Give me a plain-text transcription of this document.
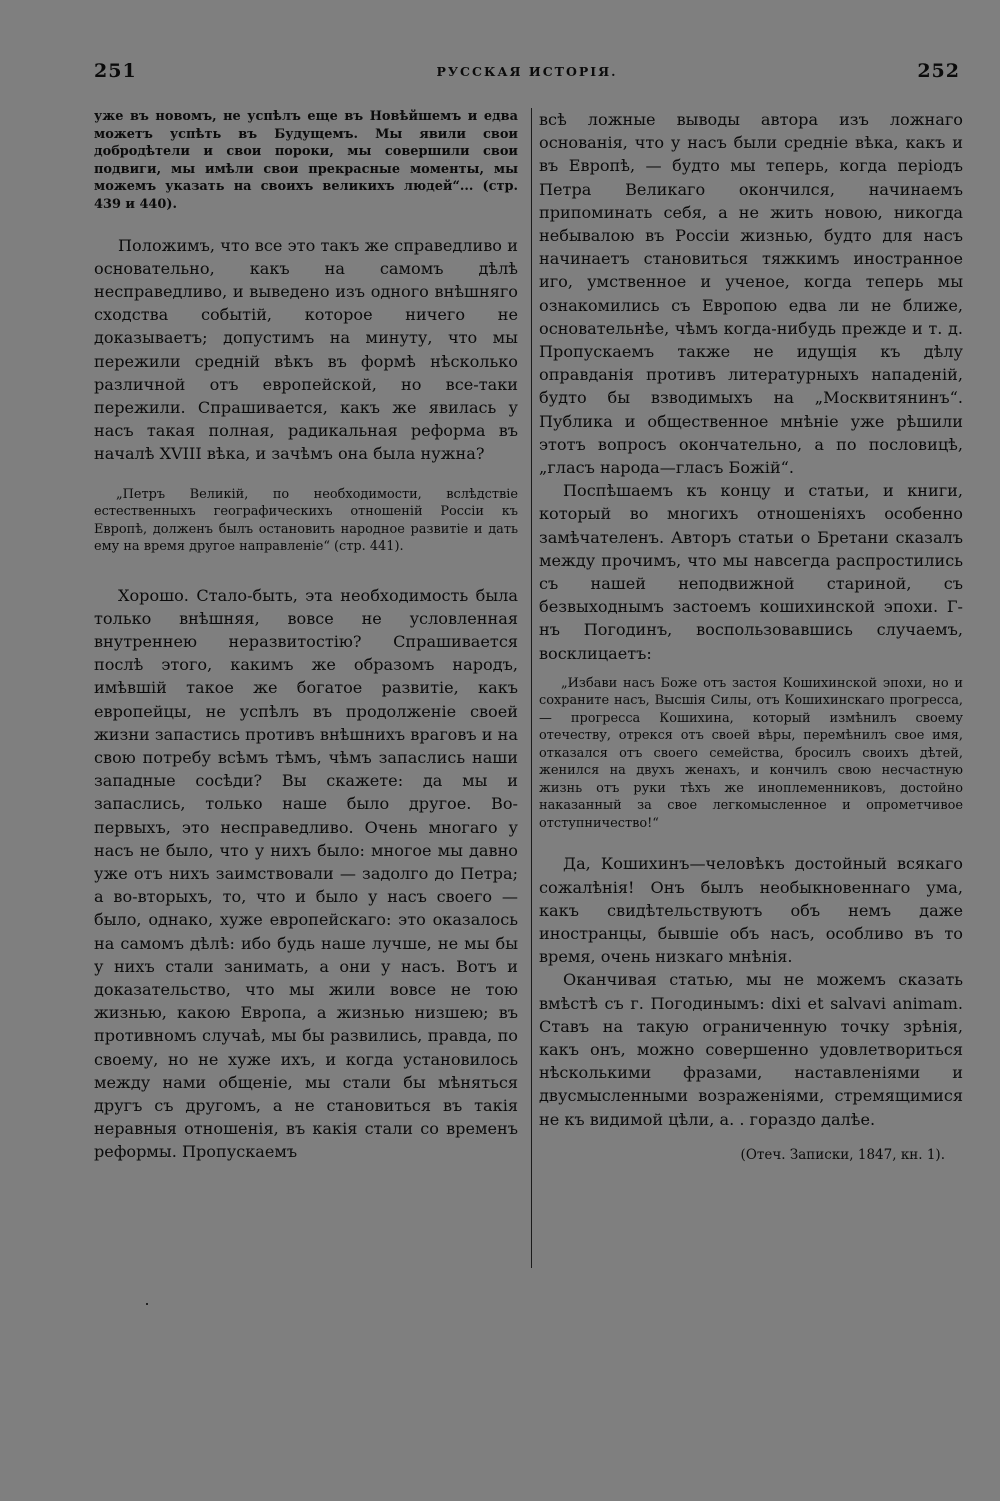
251	РУССКАЯ ИСТОРIЯ.	252

уже въ новомъ, не успѣлъ еще въ Новѣйшемъ и едва можетъ успѣть въ Будущемъ. Мы явили свои добродѣтели и свои пороки, мы совершили свои подвиги, мы имѣли свои прекрасные моменты, мы можемъ указать на своихъ великихъ людей“... (стр. 439 и 440).

Положимъ, что все это такъ же справедливо и основательно, какъ на самомъ дѣлѣ несправедливо, и выведено изъ одного внѣшняго сходства событiй, которое ничего не доказываетъ; допустимъ на минуту, что мы пережили среднiй вѣкъ въ формѣ нѣсколько различной отъ европейской, но все-таки пережили. Спрашивается, какъ же явилась у насъ такая полная, радикальная реформа въ началѣ XVIII вѣка, и зачѣмъ она была нужна?

„Петръ Великiй, по необходимости, вслѣдствiе естественныхъ географическихъ отношенiй Россiи къ Европѣ, долженъ былъ остановить народное развитiе и дать ему на время другое направленiе“ (стр. 441).

Хорошо. Стало-быть, эта необходимость была только внѣшняя, вовсе не условленная внутреннею неразвитостiю? Спрашивается послѣ этого, какимъ же образомъ народъ, имѣвшiй такое же богатое развитiе, какъ европейцы, не успѣлъ въ продолженiе своей жизни запастись противъ внѣшнихъ враговъ и на свою потребу всѣмъ тѣмъ, чѣмъ запаслись наши западные сосѣди? Вы скажете: да мы и запаслись, только наше было другое. Во-первыхъ, это несправедливо. Очень многаго у насъ не было, что у нихъ было: многое мы давно уже отъ нихъ заимствовали — задолго до Петра; а во-вторыхъ, то, что и было у насъ своего — было, однако, хуже европейскаго: это оказалось на самомъ дѣлѣ: ибо будь наше лучше, не мы бы у нихъ стали занимать, а они у насъ. Вотъ и доказательство, что мы жили вовсе не тою жизнью, какою Европа, а жизнью низшею; въ противномъ случаѣ, мы бы развились, правда, по своему, но не хуже ихъ, и когда установилось между нами общенiе, мы стали бы мѣняться другъ съ другомъ, а не становиться въ такiя неравныя отношенiя, въ какiя стали со временъ реформы. Пропускаемъ

всѣ ложные выводы автора изъ ложнаго основанiя, что у насъ были среднiе вѣка, какъ и въ Европѣ, — будто мы теперь, когда перiодъ Петра Великаго окончился, начинаемъ припоминать себя, а не жить новою, никогда небывалою въ Россiи жизнью, будто для насъ начинаетъ становиться тяжкимъ иностранное иго, умственное и ученое, когда теперь мы ознакомились съ Европою едва ли не ближе, основательнѣе, чѣмъ когда-нибудь прежде и т. д. Пропускаемъ также не идущiя къ дѣлу оправданiя противъ литературныхъ нападенiй, будто бы взводимыхъ на „Москвитянинъ“. Публика и общественное мнѣнiе уже рѣшили этотъ вопросъ окончательно, а по пословицѣ, „гласъ народа—гласъ Божiй“.

Поспѣшаемъ къ концу и статьи, и книги, который во многихъ отношенiяхъ особенно замѣчателенъ. Авторъ статьи о Бретани сказалъ между прочимъ, что мы навсегда распростились съ нашей неподвижной стариной, съ безвыходнымъ застоемъ кошихинской эпохи. Г-нъ Погодинъ, воспользовавшись случаемъ, восклицаетъ:

„Избави насъ Боже отъ застоя Кошихинской эпохи, но и сохраните насъ, Высшiя Силы, отъ Кошихинскаго прогресса, — прогресса Кошихина, который измѣнилъ своему отечеству, отрекся отъ своей вѣры, перемѣнилъ свое имя, отказался отъ своего семейства, бросилъ своихъ дѣтей, женился на двухъ женахъ, и кончилъ свою несчастную жизнь отъ руки тѣхъ же иноплеменниковъ, достойно наказанный за свое легкомысленное и опрометчивое отступничество!“

Да, Кошихинъ—человѣкъ достойный всякаго сожалѣнiя! Онъ былъ необыкновеннаго ума, какъ свидѣтельствуютъ объ немъ даже иностранцы, бывшiе объ насъ, особливо въ то время, очень низкаго мнѣнiя.

Оканчивая статью, мы не можемъ сказать вмѣстѣ съ г. Погодинымъ: dixi et salvavi animam. Ставъ на такую ограниченную точку зрѣнiя, какъ онъ, можно совершенно удовлетвориться нѣсколькими фразами, наставленiями и двусмысленными возраженiями, стремящимися не къ видимой цѣли, а. . гораздо далѣе.

(Отеч. Записки, 1847, кн. 1).
